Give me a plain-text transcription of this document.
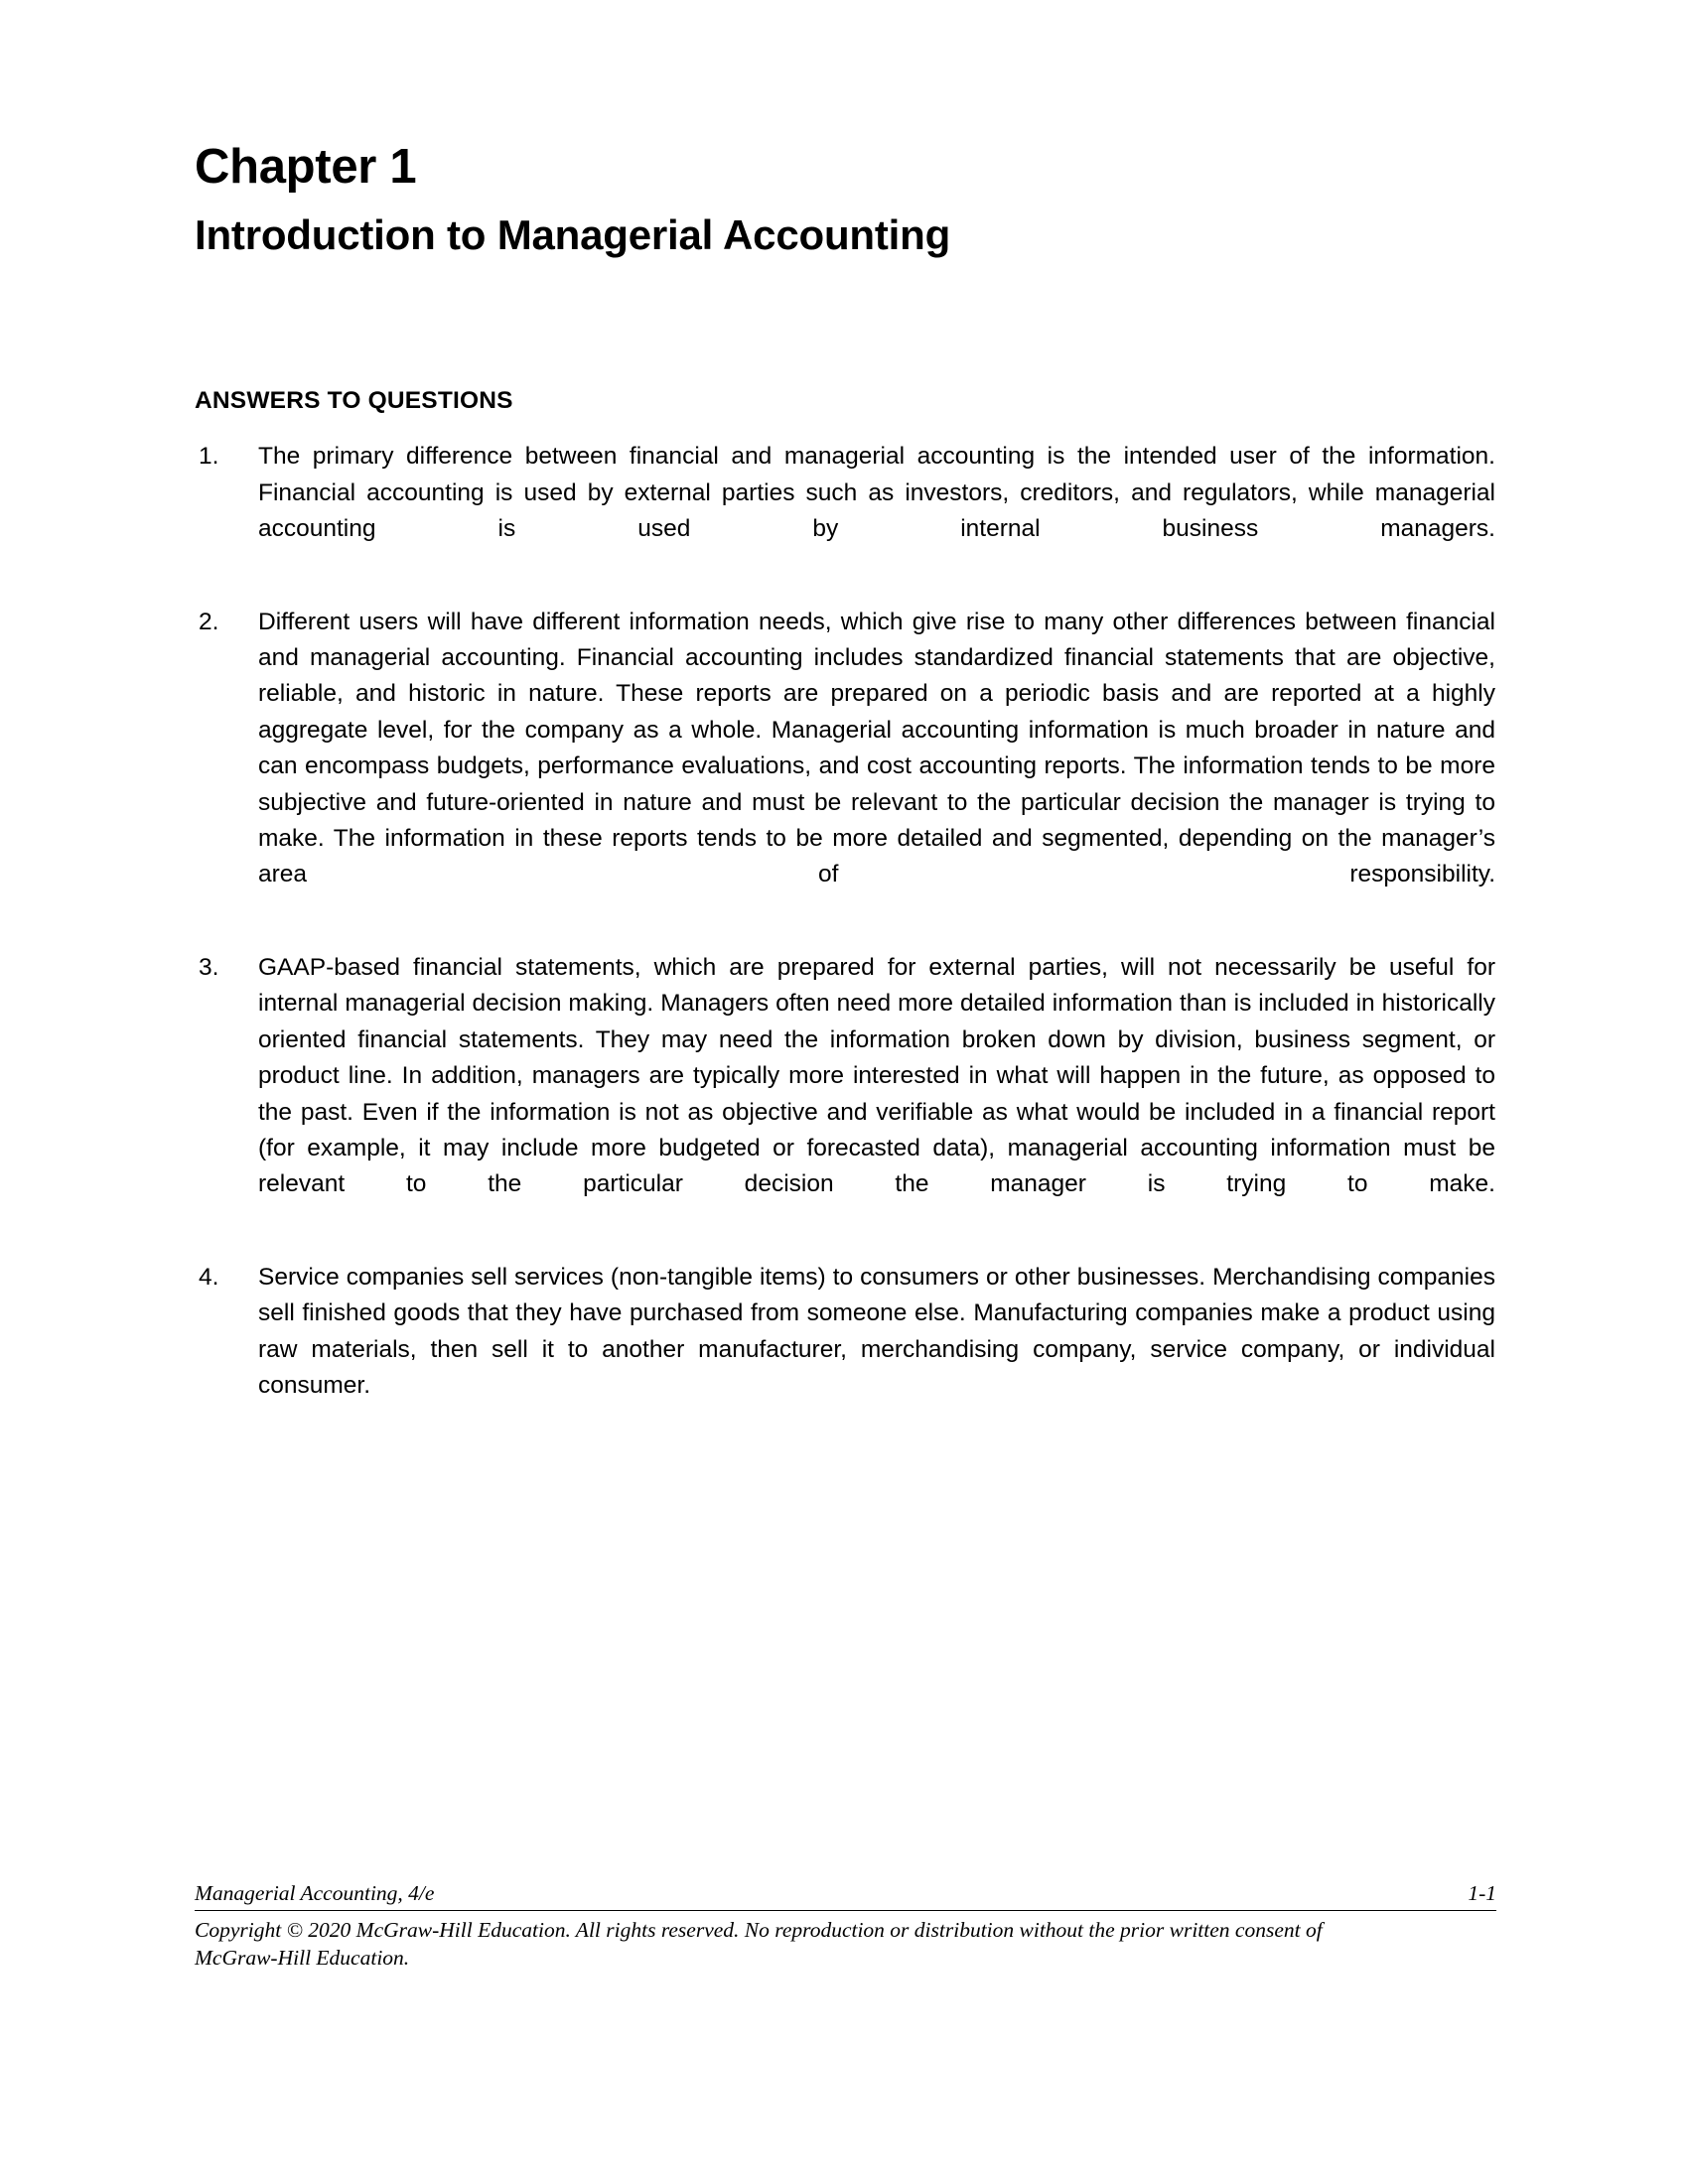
Chapter 1
Introduction to Managerial Accounting
ANSWERS TO QUESTIONS
1.	The primary difference between financial and managerial accounting is the intended user of the information. Financial accounting is used by external parties such as investors, creditors, and regulators, while managerial accounting is used by internal business managers.
2.	Different users will have different information needs, which give rise to many other differences between financial and managerial accounting. Financial accounting includes standardized financial statements that are objective, reliable, and historic in nature. These reports are prepared on a periodic basis and are reported at a highly aggregate level, for the company as a whole. Managerial accounting information is much broader in nature and can encompass budgets, performance evaluations, and cost accounting reports. The information tends to be more subjective and future-oriented in nature and must be relevant to the particular decision the manager is trying to make. The information in these reports tends to be more detailed and segmented, depending on the manager’s area of responsibility.
3.	GAAP-based financial statements, which are prepared for external parties, will not necessarily be useful for internal managerial decision making. Managers often need more detailed information than is included in historically oriented financial statements. They may need the information broken down by division, business segment, or product line. In addition, managers are typically more interested in what will happen in the future, as opposed to the past. Even if the information is not as objective and verifiable as what would be included in a financial report (for example, it may include more budgeted or forecasted data), managerial accounting information must be relevant to the particular decision the manager is trying to make.
4.	Service companies sell services (non-tangible items) to consumers or other businesses. Merchandising companies sell finished goods that they have purchased from someone else. Manufacturing companies make a product using raw materials, then sell it to another manufacturer, merchandising company, service company, or individual consumer.
Managerial Accounting, 4/e	1-1
Copyright © 2020 McGraw-Hill Education. All rights reserved. No reproduction or distribution without the prior written consent of McGraw-Hill Education.
